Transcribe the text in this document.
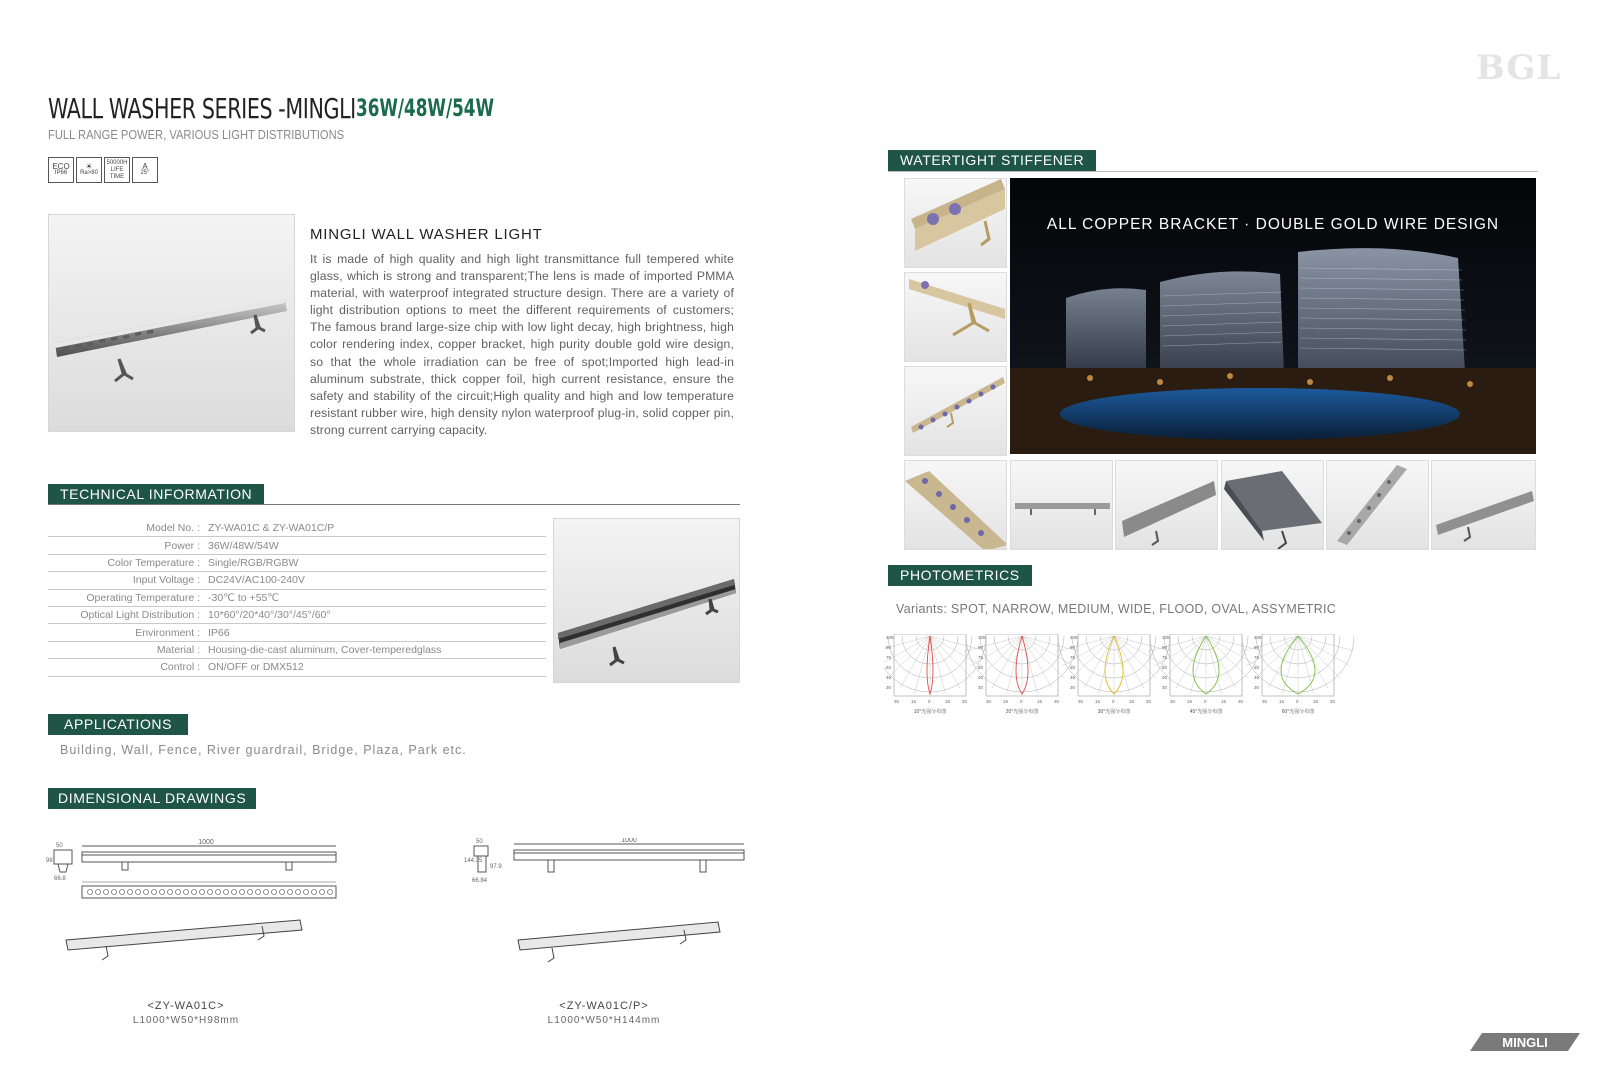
BGL
WALL WASHER SERIES -MINGLI 36W/48W/54W
FULL RANGE POWER, VARIOUS LIGHT DISTRIBUTIONS
ECO
IP66
☀
Ra>80
50000H
LIFE TIME
A
25°
MINGLI WALL WASHER LIGHT
It is made of high quality and high light transmittance full tempered white glass, which is strong and transparent;The lens is made of imported PMMA material, with waterproof integrated structure design. There are a variety of light distribution options to meet the different requirements of customers; The famous brand large-size chip with low light decay, high brightness, high color rendering index, copper bracket, high purity double gold wire design, so that the whole irradiation can be free of spot;Imported high lead-in aluminum substrate, thick copper foil, high current resistance, ensure the safety and stability of the circuit;High quality and high and low temperature resistant rubber wire, high density nylon waterproof plug-in, solid copper pin, strong current carrying capacity.
TECHNICAL INFORMATION
Model No. :	ZY-WA01C & ZY-WA01C/P
Power :	36W/48W/54W
Color Temperature :	Single/RGB/RGBW
Input Voltage :	DC24V/AC100-240V
Operating Temperature :	-30℃ to +55℃
Optical Light Distribution :	10*60°/20*40°/30°/45°/60°
Environment :	IP66
Material :	Housing-die-cast aluminum, Cover-temperedglass
Control :	ON/OFF or DMX512
APPLICATIONS
Building, Wall, Fence, River guardrail, Bridge, Plaza, Park etc.
DIMENSIONAL DRAWINGS
1000
50
98
66.8
<ZY-WA01C>
L1000*W50*H98mm
1000
50
144.35
97.9
66.84
<ZY-WA01C/P>
L1000*W50*H144mm
WATERTIGHT STIFFENER
ALL COPPER BRACKET · DOUBLE GOLD WIRE DESIGN
PHOTOMETRICS
Variants: SPOT, NARROW, MEDIUM, WIDE, FLOOD, OVAL, ASSYMETRIC
105
90
75
60
45
30
30	15	0	15	30
10°光强分布图
105
90
75
60
45
30
30	15	0	15	30
20°光强分布图
105
90
75
60
45
30
30	15	0	15	30
30°光强分布图
105
90
75
60
45
30
30	15	0	15	30
45°光强分布图
105
90
75
60
45
30
30	15	0	15	30
60°光强分布图
MINGLI
